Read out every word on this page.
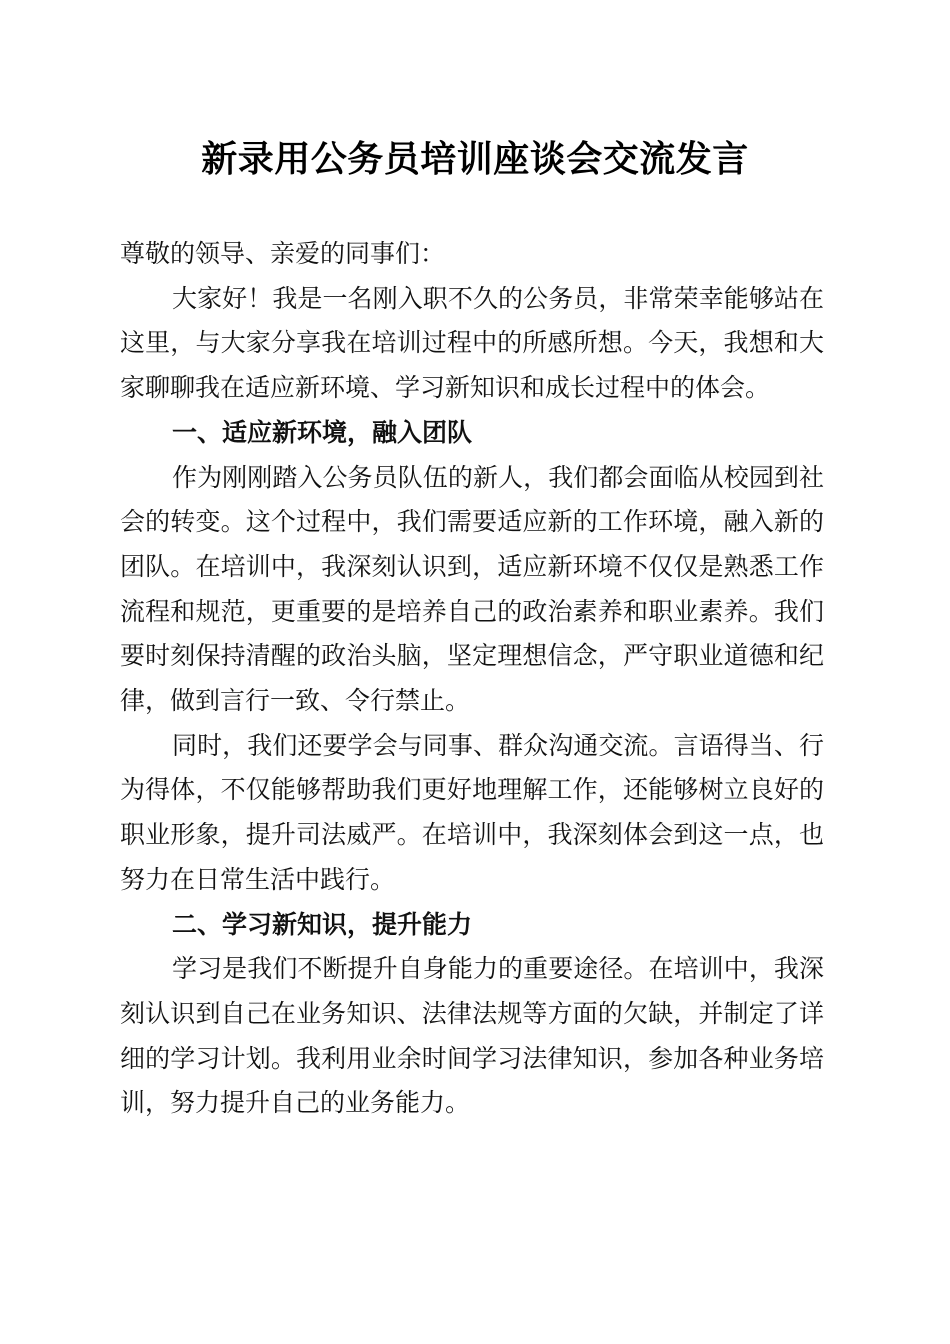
新录用公务员培训座谈会交流发言

尊敬的领导、亲爱的同事们：

大家好！我是一名刚入职不久的公务员，非常荣幸能够站在这里，与大家分享我在培训过程中的所感所想。今天，我想和大家聊聊我在适应新环境、学习新知识和成长过程中的体会。

一、适应新环境，融入团队

作为刚刚踏入公务员队伍的新人，我们都会面临从校园到社会的转变。这个过程中，我们需要适应新的工作环境，融入新的团队。在培训中，我深刻认识到，适应新环境不仅仅是熟悉工作流程和规范，更重要的是培养自己的政治素养和职业素养。我们要时刻保持清醒的政治头脑，坚定理想信念，严守职业道德和纪律，做到言行一致、令行禁止。

同时，我们还要学会与同事、群众沟通交流。言语得当、行为得体，不仅能够帮助我们更好地理解工作，还能够树立良好的职业形象，提升司法威严。在培训中，我深刻体会到这一点，也努力在日常生活中践行。

二、学习新知识，提升能力

学习是我们不断提升自身能力的重要途径。在培训中，我深刻认识到自己在业务知识、法律法规等方面的欠缺，并制定了详细的学习计划。我利用业余时间学习法律知识，参加各种业务培训，努力提升自己的业务能力。
